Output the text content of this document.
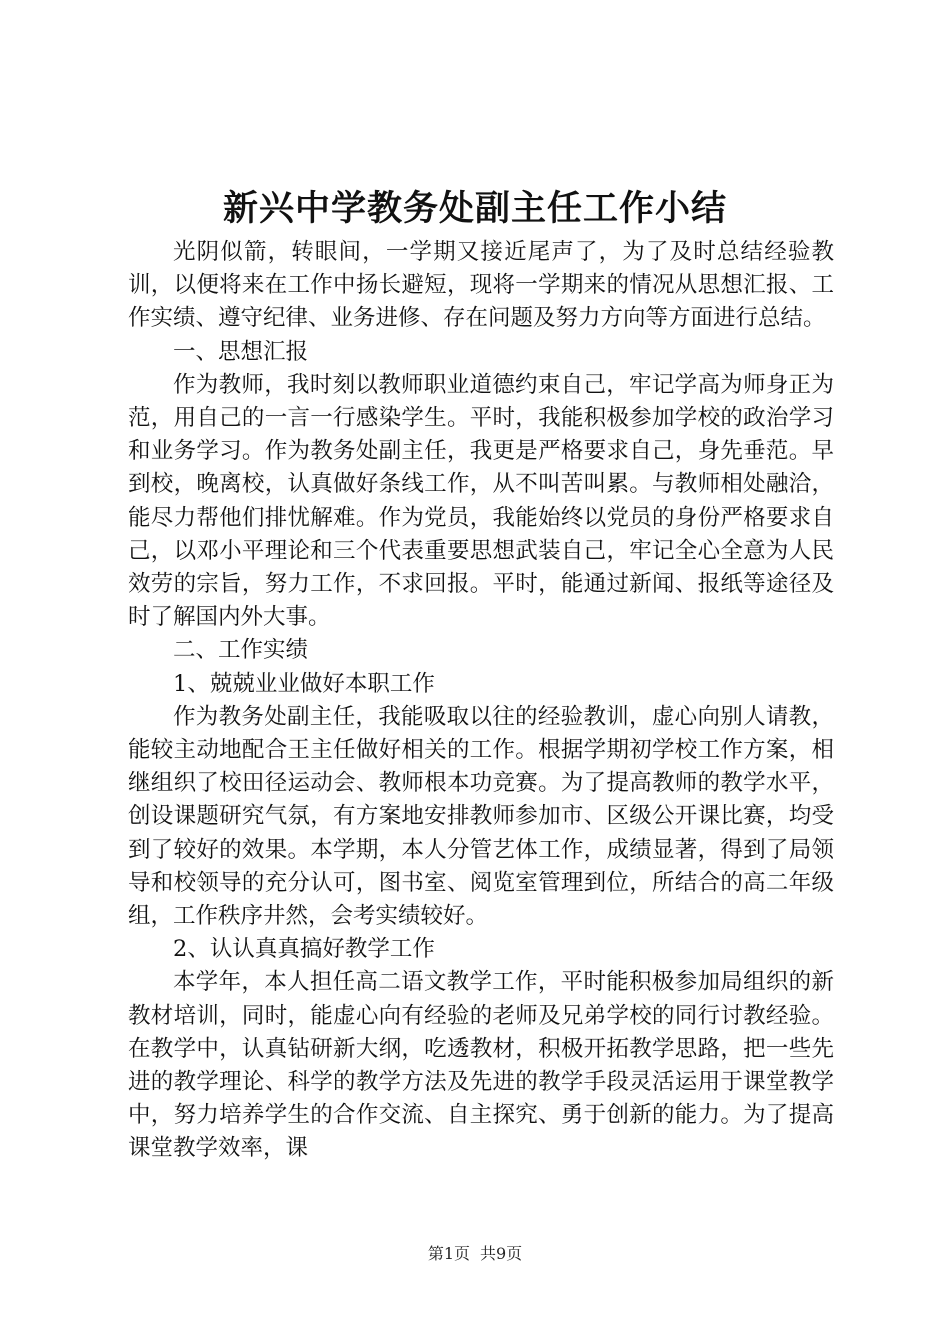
新兴中学教务处副主任工作小结

光阴似箭，转眼间，一学期又接近尾声了，为了及时总结经验教训，以便将来在工作中扬长避短，现将一学期来的情况从思想汇报、工作实绩、遵守纪律、业务进修、存在问题及努力方向等方面进行总结。

一、思想汇报

作为教师，我时刻以教师职业道德约束自己，牢记学高为师身正为范，用自己的一言一行感染学生。平时，我能积极参加学校的政治学习和业务学习。作为教务处副主任，我更是严格要求自己，身先垂范。早到校，晚离校，认真做好条线工作，从不叫苦叫累。与教师相处融洽，能尽力帮他们排忧解难。作为党员，我能始终以党员的身份严格要求自己，以邓小平理论和三个代表重要思想武装自己，牢记全心全意为人民效劳的宗旨，努力工作，不求回报。平时，能通过新闻、报纸等途径及时了解国内外大事。

二、工作实绩

1、兢兢业业做好本职工作

作为教务处副主任，我能吸取以往的经验教训，虚心向别人请教，能较主动地配合王主任做好相关的工作。根据学期初学校工作方案，相继组织了校田径运动会、教师根本功竞赛。为了提高教师的教学水平，创设课题研究气氛，有方案地安排教师参加市、区级公开课比赛，均受到了较好的效果。本学期，本人分管艺体工作，成绩显著，得到了局领导和校领导的充分认可，图书室、阅览室管理到位，所结合的高二年级组，工作秩序井然，会考实绩较好。

2、认认真真搞好教学工作

本学年，本人担任高二语文教学工作，平时能积极参加局组织的新教材培训，同时，能虚心向有经验的老师及兄弟学校的同行讨教经验。在教学中，认真钻研新大纲，吃透教材，积极开拓教学思路，把一些先进的教学理论、科学的教学方法及先进的教学手段灵活运用于课堂教学中，努力培养学生的合作交流、自主探究、勇于创新的能力。为了提高课堂教学效率，课

第1页 共9页
